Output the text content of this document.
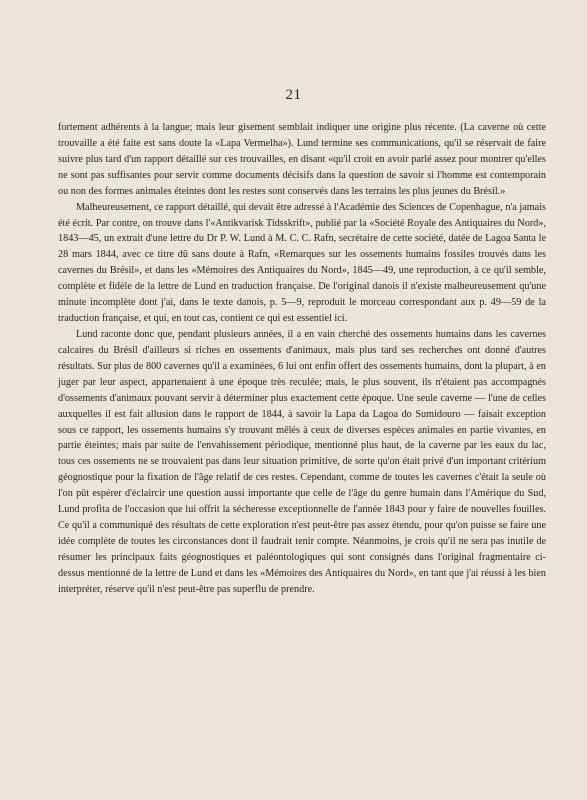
21

fortement adhérents à la langue; mais leur gisement semblait indiquer une origine plus récente. (La caverne où cette trouvaille a été faite est sans doute la «Lapa Vermelha»). Lund termine ses communications, qu'il se réservait de faire suivre plus tard d'un rapport détaillé sur ces trouvailles, en disant «qu'il croit en avoir parlé assez pour montrer qu'elles ne sont pas suffisantes pour servir comme documents décisifs dans la question de savoir si l'homme est contemporain ou non des formes animales éteintes dont les restes sont conservés dans les terrains les plus jeunes du Brésil.»

Malheureusement, ce rapport détaillé, qui devait être adressé à l'Académie des Sciences de Copenhague, n'a jamais été écrit. Par contre, on trouve dans l'«Antikvarisk Tidsskrift», publié par la «Société Royale des Antiquaires du Nord», 1843—45, un extrait d'une lettre du Dr P. W. Lund à M. C. C. Rafn, secrétaire de cette société, datée de Lagoa Santa le 28 mars 1844, avec ce titre dû sans doute à Rafn, «Remarques sur les ossements humains fossiles trouvés dans les cavernes du Brésil», et dans les «Mémoires des Antiquaires du Nord», 1845—49, une reproduction, à ce qu'il semble, complète et fidèle de la lettre de Lund en traduction française. De l'original danois il n'existe malheureusement qu'une minute incomplète dont j'ai, dans le texte danois, p. 5—9, reproduit le morceau correspondant aux p. 49—59 de la traduction française, et qui, en tout cas, contient ce qui est essentiel ici.

Lund raconte donc que, pendant plusieurs années, il a en vain cherché des ossements humains dans les cavernes calcaires du Brésil d'ailleurs si riches en ossements d'animaux, mais plus tard ses recherches ont donné d'autres résultats. Sur plus de 800 cavernes qu'il a examinées, 6 lui ont enfin offert des ossements humains, dont la plupart, à en juger par leur aspect, appartenaient à une époque très reculée; mais, le plus souvent, ils n'étaient pas accompagnés d'ossements d'animaux pouvant servir à déterminer plus exactement cette époque. Une seule caverne — l'une de celles auxquelles il est fait allusion dans le rapport de 1844, à savoir la Lapa da Lagoa do Sumidouro — faisait exception sous ce rapport, les ossements humains s'y trouvant mêlés à ceux de diverses espèces animales en partie vivantes, en partie éteintes; mais par suite de l'envahissement périodique, mentionné plus haut, de la caverne par les eaux du lac, tous ces ossements ne se trouvaient pas dans leur situation primitive, de sorte qu'on était privé d'un important critérium géognostique pour la fixation de l'âge relatif de ces restes. Cependant, comme de toutes les cavernes c'était la seule où l'on pût espérer d'éclaircir une question aussi importante que celle de l'âge du genre humain dans l'Amérique du Sud, Lund profita de l'occasion que lui offrit la sécheresse exceptionnelle de l'année 1843 pour y faire de nouvelles fouilles. Ce qu'il a communiqué des résultats de cette exploration n'est peut-être pas assez étendu, pour qu'on puisse se faire une idée complète de toutes les circonstances dont il faudrait tenir compte. Néanmoins, je crois qu'il ne sera pas inutile de résumer les principaux faits géognostiques et paléontologiques qui sont consignés dans l'original fragmentaire ci-dessus mentionné de la lettre de Lund et dans les «Mémoires des Antiquaires du Nord», en tant que j'ai réussi à les bien interpréter, réserve qu'il n'est peut-être pas superflu de prendre.
